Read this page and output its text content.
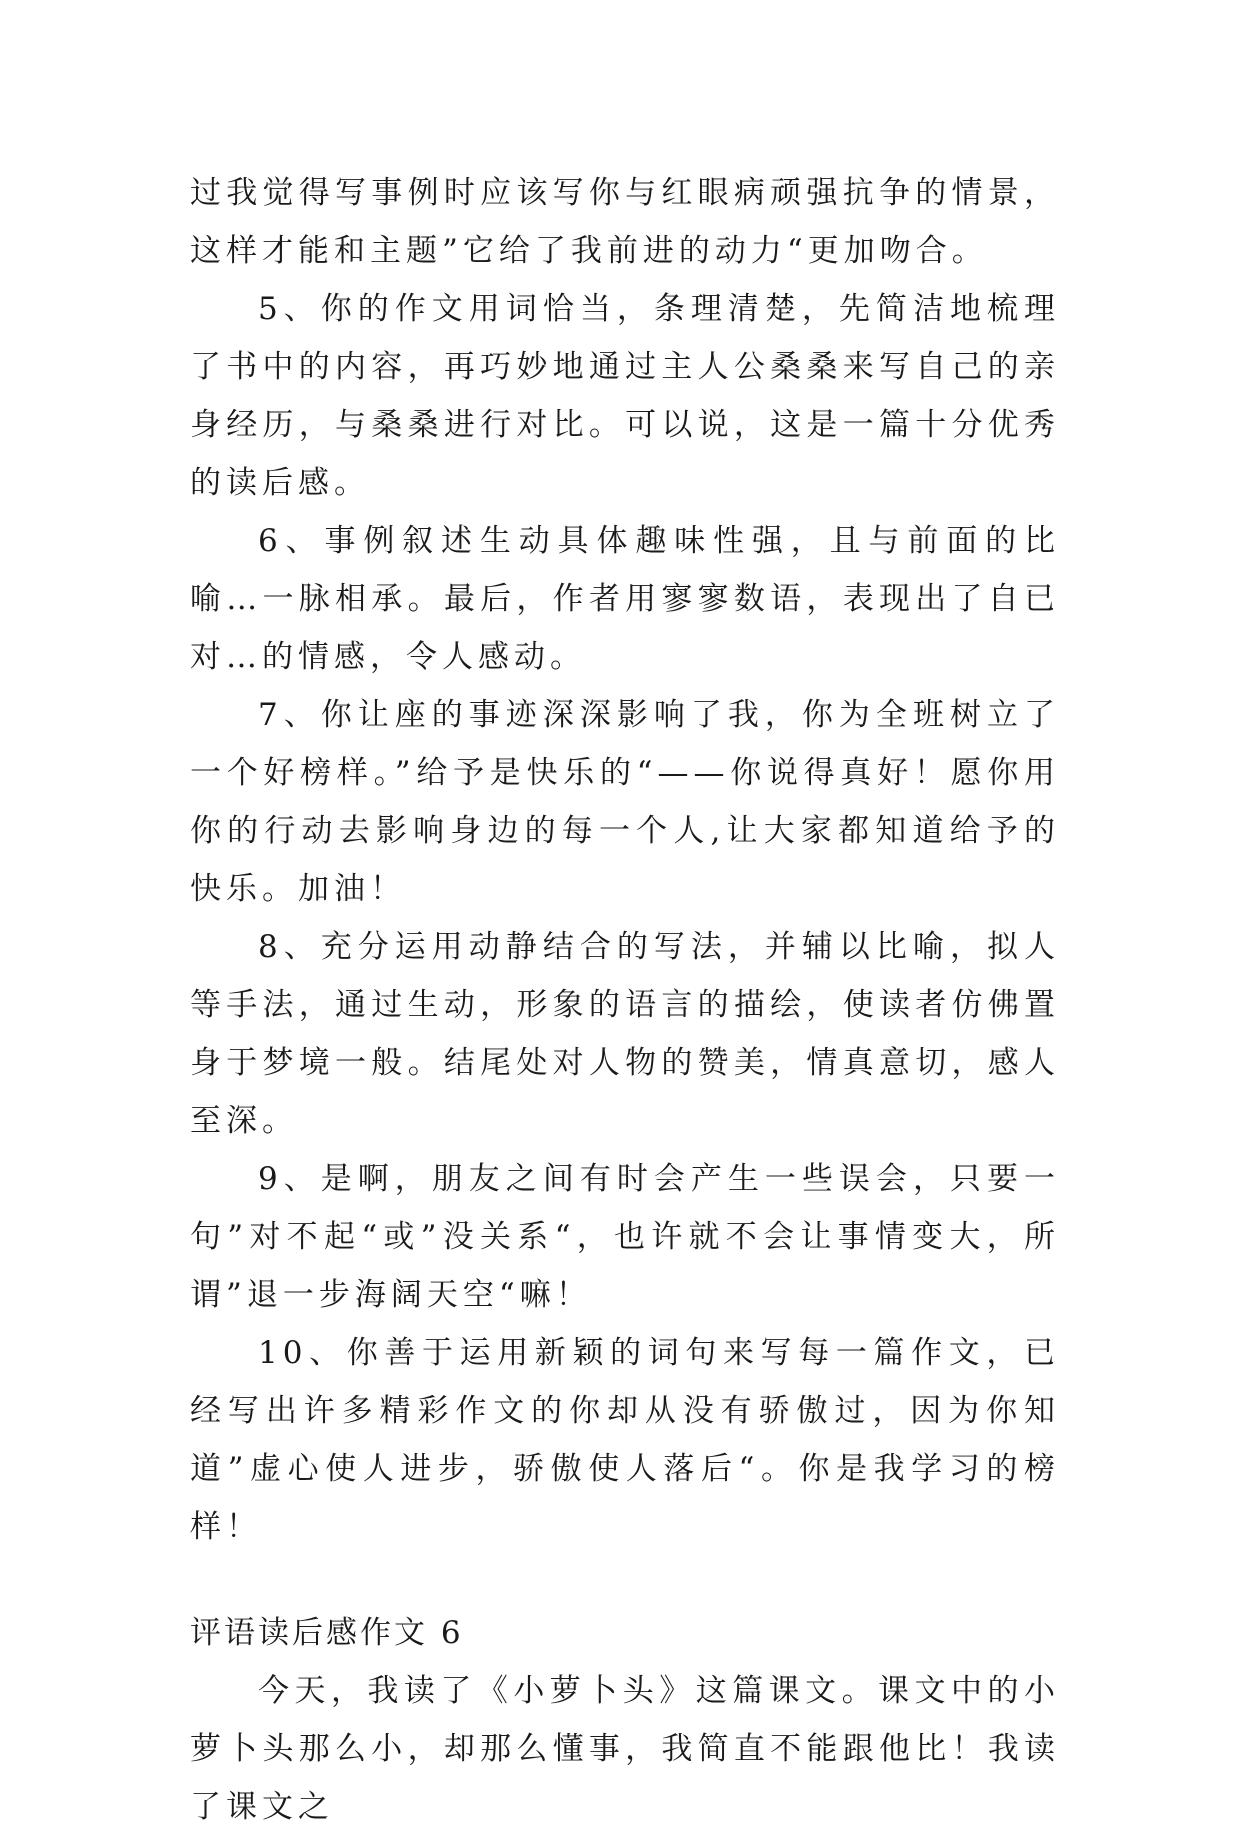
过我觉得写事例时应该写你与红眼病顽强抗争的情景，这样才能和主题”它给了我前进的动力“更加吻合。

5、你的作文用词恰当，条理清楚，先简洁地梳理了书中的内容，再巧妙地通过主人公桑桑来写自己的亲身经历，与桑桑进行对比。可以说，这是一篇十分优秀的读后感。

6、事例叙述生动具体趣味性强，且与前面的比喻…一脉相承。最后，作者用寥寥数语，表现出了自已对…的情感，令人感动。

7、你让座的事迹深深影响了我，你为全班树立了一个好榜样。”给予是快乐的“——你说得真好！愿你用你的行动去影响身边的每一个人,让大家都知道给予的快乐。加油！

8、充分运用动静结合的写法，并辅以比喻，拟人等手法，通过生动，形象的语言的描绘，使读者仿佛置身于梦境一般。结尾处对人物的赞美，情真意切，感人至深。

9、是啊，朋友之间有时会产生一些误会，只要一句”对不起“或”没关系“，也许就不会让事情变大，所谓”退一步海阔天空“嘛！

10、你善于运用新颖的词句来写每一篇作文，已经写出许多精彩作文的你却从没有骄傲过，因为你知道”虚心使人进步，骄傲使人落后“。你是我学习的榜样！

评语读后感作文 6

今天，我读了《小萝卜头》这篇课文。课文中的小萝卜头那么小，却那么懂事，我简直不能跟他比！我读了课文之
